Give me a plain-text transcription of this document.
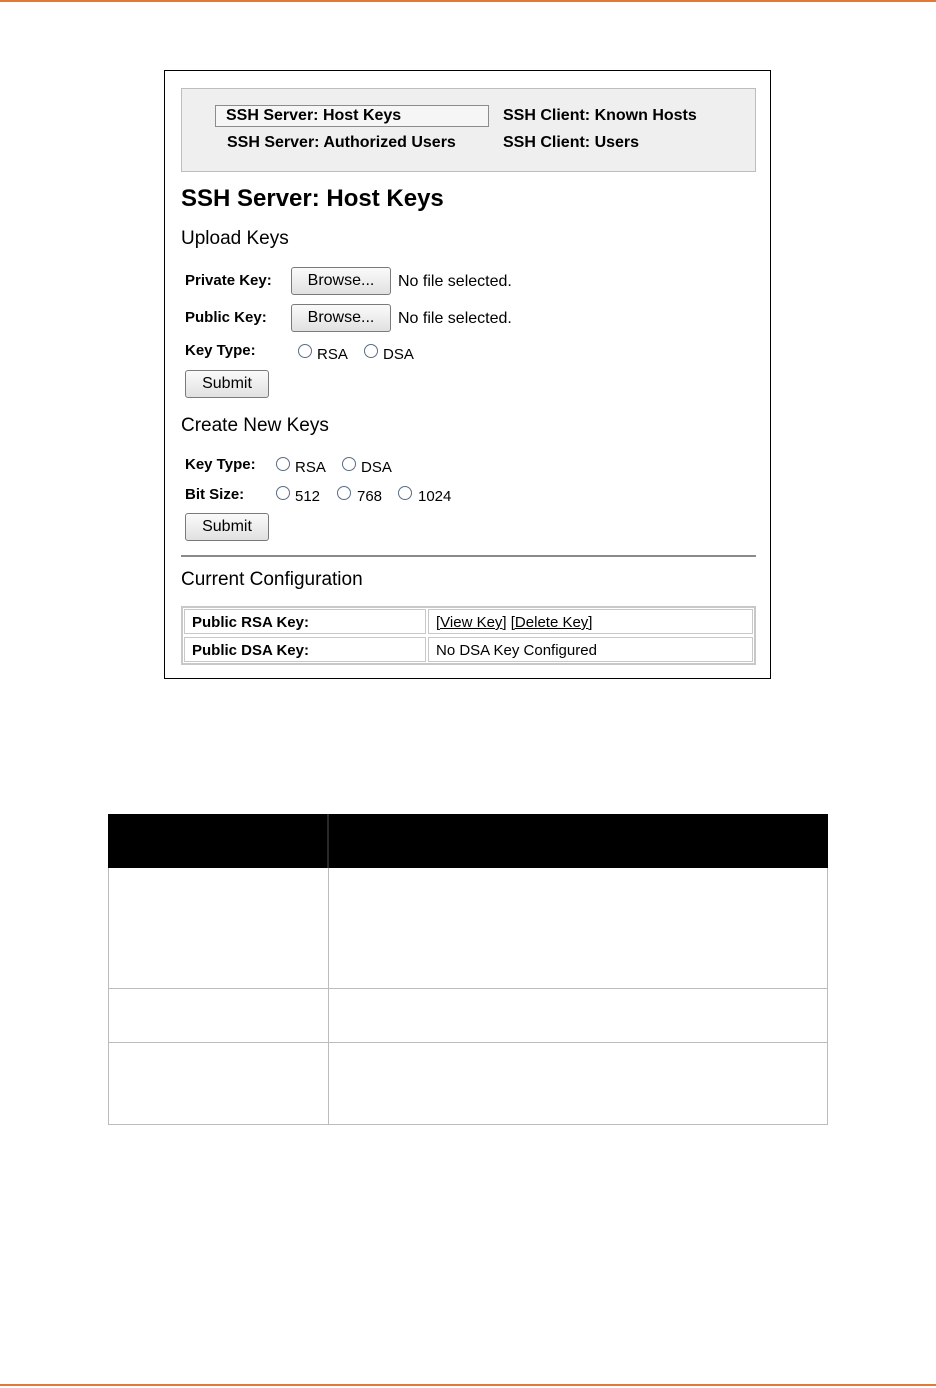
SSH Server: Host Keys	SSH Client: Known Hosts
SSH Server: Authorized Users	SSH Client: Users
SSH Server: Host Keys
Upload Keys
Private Key:	Browse...	No file selected.
Public Key:	Browse...	No file selected.
Key Type:	RSA DSA
Submit
Create New Keys
Key Type:	RSA DSA
Bit Size:	512 768 1024
Submit
Current Configuration
Public RSA Key:	[View Key] [Delete Key]
Public DSA Key:	No DSA Key Configured
